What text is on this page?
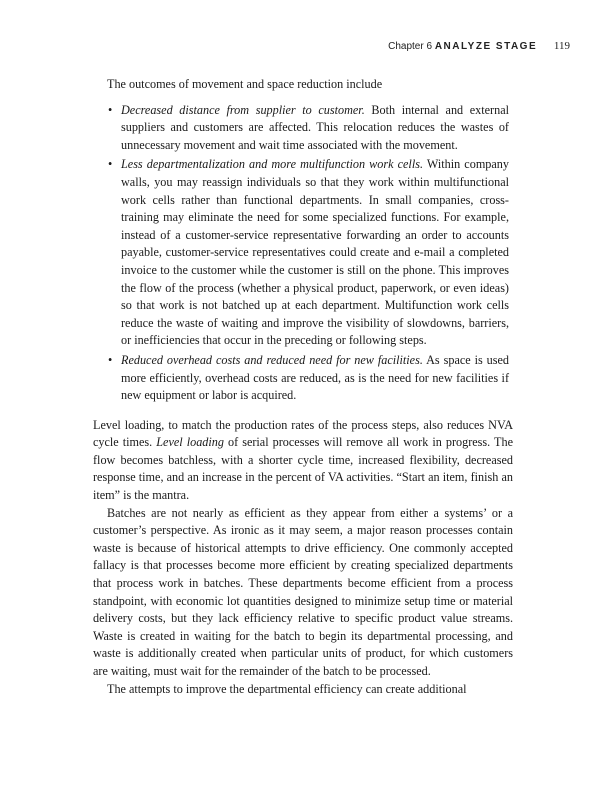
Chapter 6 ANALYZE STAGE 119

The outcomes of movement and space reduction include

• Decreased distance from supplier to customer. Both internal and external suppliers and customers are affected. This relocation reduces the wastes of unnecessary movement and wait time associated with the movement.
• Less departmentalization and more multifunction work cells. Within company walls, you may reassign individuals so that they work within multifunctional work cells rather than functional departments. In small companies, cross-training may eliminate the need for some specialized functions. For example, instead of a customer-service representative forwarding an order to accounts payable, customer-service representatives could create and e-mail a completed invoice to the customer while the customer is still on the phone. This improves the flow of the process (whether a physical product, paperwork, or even ideas) so that work is not batched up at each department. Multifunction work cells reduce the waste of waiting and improve the visibility of slowdowns, barriers, or inefficiencies that occur in the preceding or following steps.
• Reduced overhead costs and reduced need for new facilities. As space is used more efficiently, overhead costs are reduced, as is the need for new facilities if new equipment or labor is acquired.

Level loading, to match the production rates of the process steps, also reduces NVA cycle times. Level loading of serial processes will remove all work in progress. The flow becomes batchless, with a shorter cycle time, increased flexibility, decreased response time, and an increase in the percent of VA activities. “Start an item, finish an item” is the mantra.

Batches are not nearly as efficient as they appear from either a systems’ or a customer’s perspective. As ironic as it may seem, a major reason processes contain waste is because of historical attempts to drive efficiency. One commonly accepted fallacy is that processes become more efficient by creating specialized departments that process work in batches. These departments become efficient from a process standpoint, with economic lot quantities designed to minimize setup time or material delivery costs, but they lack efficiency relative to specific product value streams. Waste is created in waiting for the batch to begin its departmental processing, and waste is additionally created when particular units of product, for which customers are waiting, must wait for the remainder of the batch to be processed.

The attempts to improve the departmental efficiency can create additional
